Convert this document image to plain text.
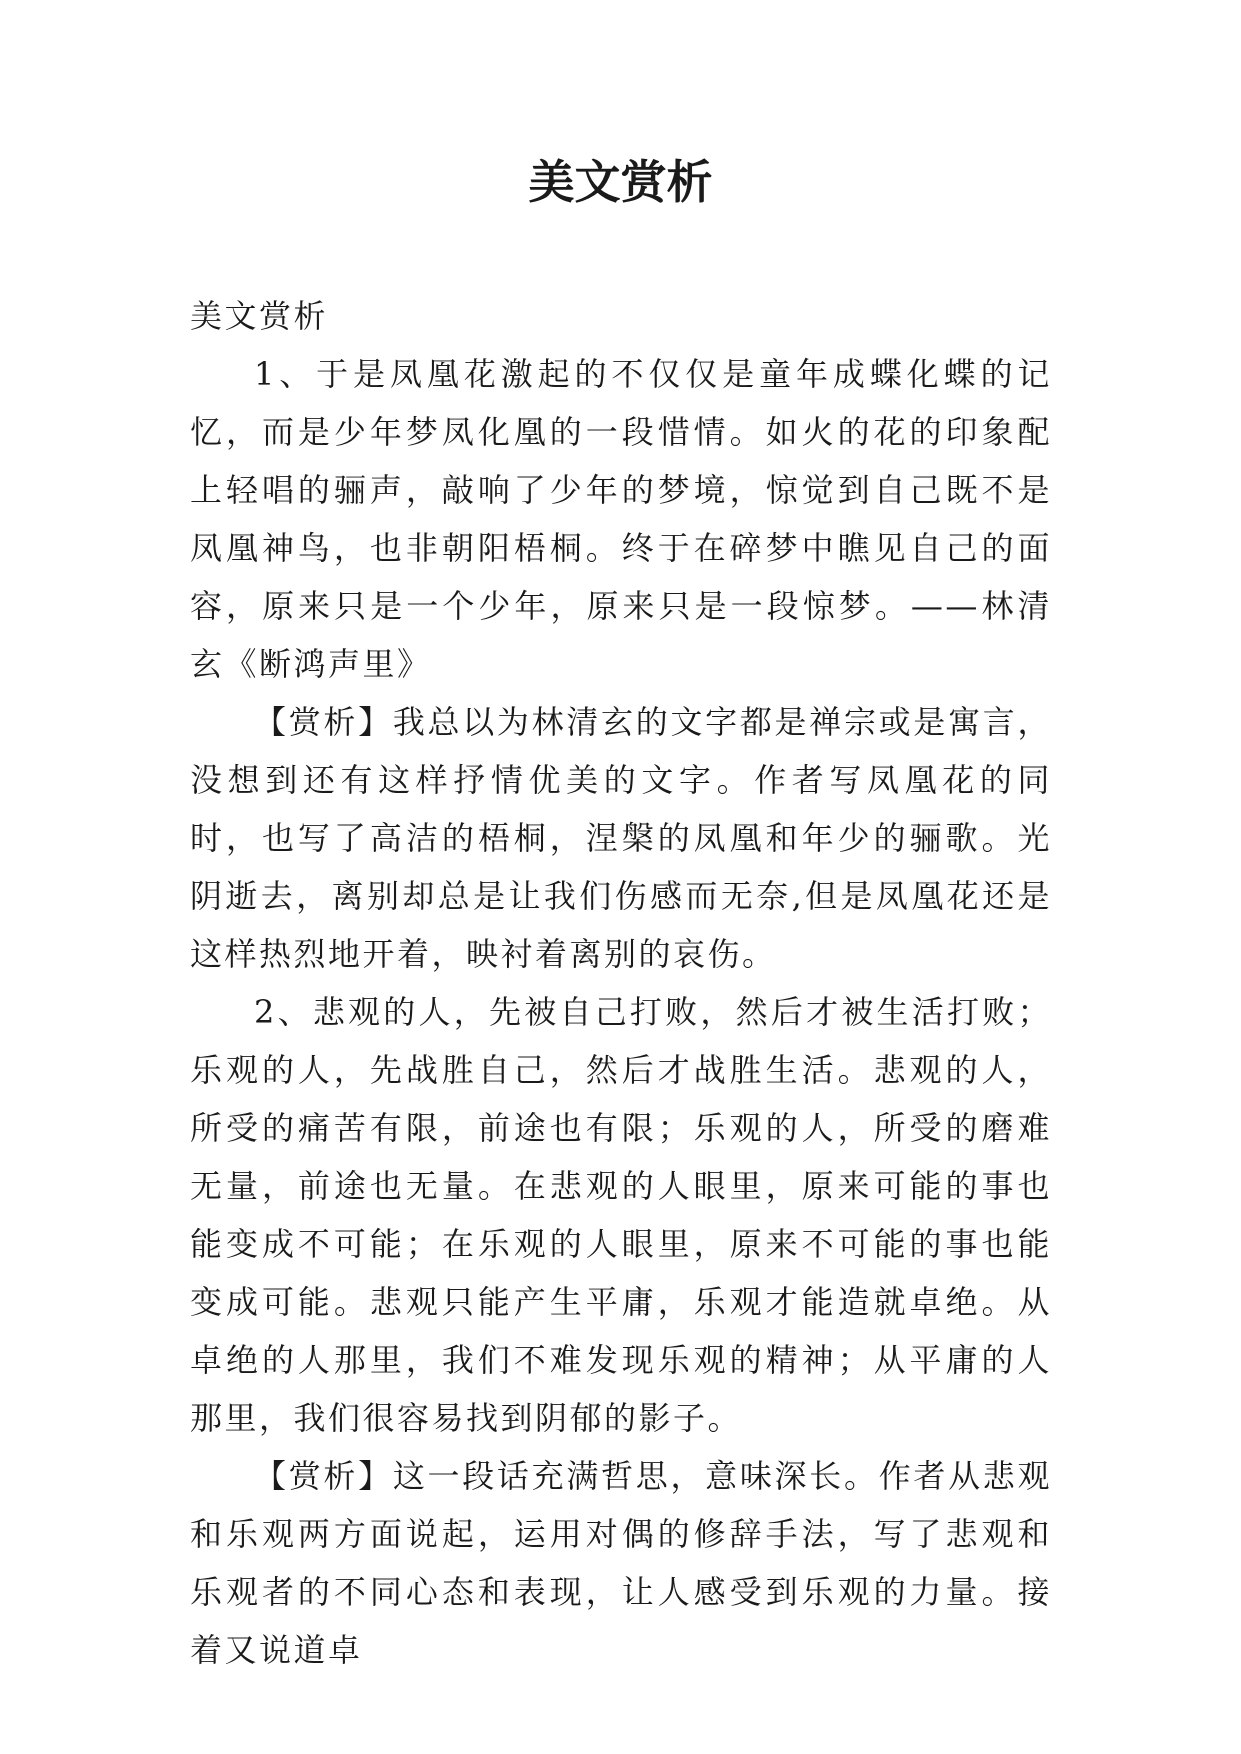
美文赏析

美文赏析

1、于是凤凰花激起的不仅仅是童年成蝶化蝶的记忆，而是少年梦凤化凰的一段惜情。如火的花的印象配上轻唱的骊声，敲响了少年的梦境，惊觉到自己既不是凤凰神鸟，也非朝阳梧桐。终于在碎梦中瞧见自己的面容，原来只是一个少年，原来只是一段惊梦。——林清玄《断鸿声里》

【赏析】我总以为林清玄的文字都是禅宗或是寓言，没想到还有这样抒情优美的文字。作者写凤凰花的同时，也写了高洁的梧桐，涅槃的凤凰和年少的骊歌。光阴逝去，离别却总是让我们伤感而无奈,但是凤凰花还是这样热烈地开着，映衬着离别的哀伤。

2、悲观的人，先被自己打败，然后才被生活打败；乐观的人，先战胜自己，然后才战胜生活。悲观的人，所受的痛苦有限，前途也有限；乐观的人，所受的磨难无量，前途也无量。在悲观的人眼里，原来可能的事也能变成不可能；在乐观的人眼里，原来不可能的事也能变成可能。悲观只能产生平庸，乐观才能造就卓绝。从卓绝的人那里，我们不难发现乐观的精神；从平庸的人那里，我们很容易找到阴郁的影子。

【赏析】这一段话充满哲思，意味深长。作者从悲观和乐观两方面说起，运用对偶的修辞手法，写了悲观和乐观者的不同心态和表现，让人感受到乐观的力量。接着又说道卓
